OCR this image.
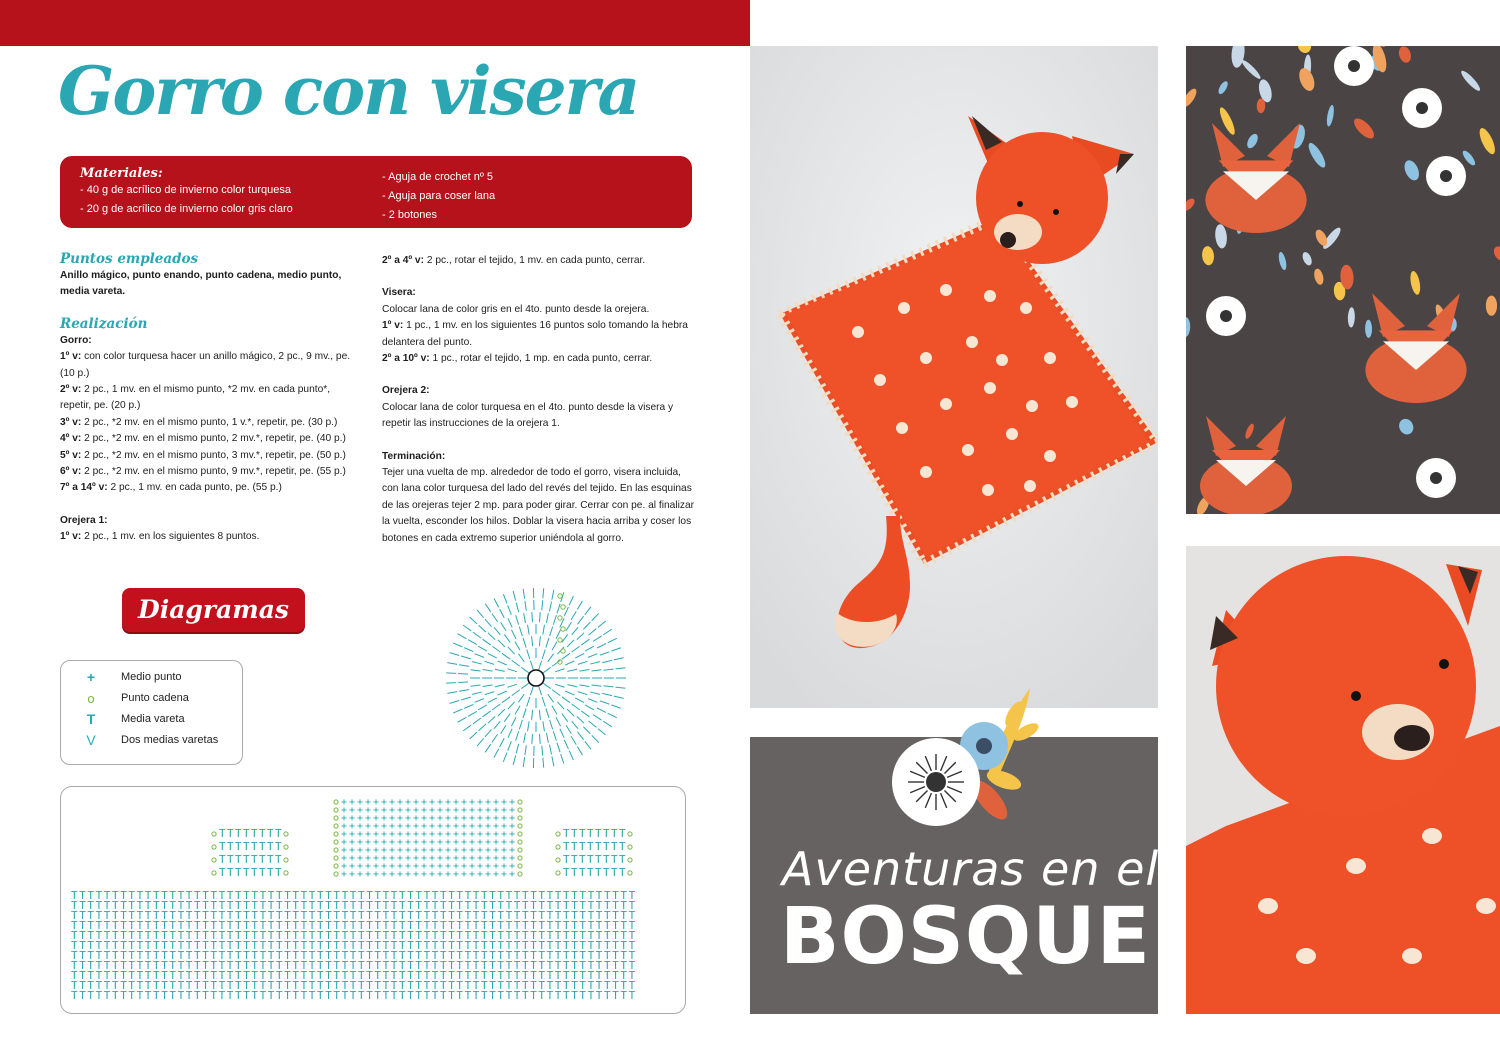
Gorro con visera
Materiales:
- 40 g de acrílico de invierno color turquesa
- 20 g de acrílico de invierno color gris claro
- Aguja de crochet nº 5
- Aguja para coser lana
- 2 botones
Puntos empleados
Anillo mágico, punto enando, punto cadena, medio punto, media vareta.
Realización
Gorro:
1º v: con color turquesa hacer un anillo mágico, 2 pc., 9 mv., pe. (10 p.)
2º v: 2 pc., 1 mv. en el mismo punto, *2 mv. en cada punto*, repetir, pe. (20 p.)
3º v: 2 pc., *2 mv. en el mismo punto, 1 v.*, repetir, pe. (30 p.)
4º v: 2 pc., *2 mv. en el mismo punto, 2 mv.*, repetir, pe. (40 p.)
5º v: 2 pc., *2 mv. en el mismo punto, 3 mv.*, repetir, pe. (50 p.)
6º v: 2 pc., *2 mv. en el mismo punto, 9 mv.*, repetir, pe. (55 p.)
7º a 14º v: 2 pc., 1 mv. en cada punto, pe. (55 p.)
Orejera 1:
1º v: 2 pc., 1 mv. en los siguientes 8 puntos.
2º a 4º v: 2 pc., rotar el tejido, 1 mv. en cada punto, cerrar.
Visera:
Colocar lana de color gris en el 4to. punto desde la orejera.
1º v: 1 pc., 1 mv. en los siguientes 16 puntos solo tomando la hebra delantera del punto.
2º a 10º v: 1 pc., rotar el tejido, 1 mp. en cada punto, cerrar.
Orejera 2:
Colocar lana de color turquesa en el 4to. punto desde la visera y repetir las instrucciones de la orejera 1.
Terminación:
Tejer una vuelta de mp. alrededor de todo el gorro, visera incluida, con lana color turquesa del lado del revés del tejido. En las esquinas de las orejeras tejer 2 mp. para poder girar. Cerrar con pe. al finalizar la vuelta, esconder los hilos. Doblar la visera hacia arriba y coser los botones en cada extremo superior uniéndola al gorro.
Diagramas
+	Medio punto
o	Punto cadena
T	Media vareta
V	Dos medias varetas
T T T T T T T T T T T T T T T T T T T T T T T T T T T T T T T T T T T T T T T T T T T T T T T T T T T T T T T T T T T T T T T T T T T T T
T T T T T T T T T T T T T T T T T T T T T T T T T T T T T T T T T T T T T T T T T T T T T T T T T T T T T T T T T T T T T T T T T T T T T
T T T T T T T T T T T T T T T T T T T T T T T T T T T T T T T T T T T T T T T T T T T T T T T T T T T T T T T T T T T T T T T T T T T T T
T T T T T T T T T T T T T T T T T T T T T T T T T T T T T T T T T T T T T T T T T T T T T T T T T T T T T T T T T T T T T T T T T T T T T
T T T T T T T T T T T T T T T T T T T T T T T T T T T T T T T T T T T T T T T T T T T T T T T T T T T T T T T T T T T T T T T T T T T T T
T T T T T T T T T T T T T T T T T T T T T T T T T T T T T T T T T T T T T T T T T T T T T T T T T T T T T T T T T T T T T T T T T T T T T
T T T T T T T T T T T T T T T T T T T T T T T T T T T T T T T T T T T T T T T T T T T T T T T T T T T T T T T T T T T T T T T T T T T T T
T T T T T T T T T T T T T T T T T T T T T T T T T T T T T T T T T T T T T T T T T T T T T T T T T T T T T T T T T T T T T T T T T T T T T
T T T T T T T T T T T T T T T T T T T T T T T T T T T T T T T T T T T T T T T T T T T T T T T T T T T T T T T T T T T T T T T T T T T T T
T T T T T T T T T T T T T T T T T T T T T T T T T T T T T T T T T T T T T T T T T T T T T T T T T T T T T T T T T T T T T T T T T T T T T
T T T T T T T T T T T T T T T T T T T T T T T T T T T T T T T T T T T T T T T T T T T T T T T T T T T T T T T T T T T T T T T T T T T T T
T T T T T T T T
T T T T T T T T
T T T T T T T T
T T T T T T T T
T T T T T T T T
T T T T T T T T
T T T T T T T T
T T T T T T T T
+ + + + + + + + + + + + + + + + + + + + + +
+ + + + + + + + + + + + + + + + + + + + + +
+ + + + + + + + + + + + + + + + + + + + + +
+ + + + + + + + + + + + + + + + + + + + + +
+ + + + + + + + + + + + + + + + + + + + + +
+ + + + + + + + + + + + + + + + + + + + + +
+ + + + + + + + + + + + + + + + + + + + + +
+ + + + + + + + + + + + + + + + + + + + + +
+ + + + + + + + + + + + + + + + + + + + + +
+ + + + + + + + + + + + + + + + + + + + + +	Aventuras en el
BOSQUE
